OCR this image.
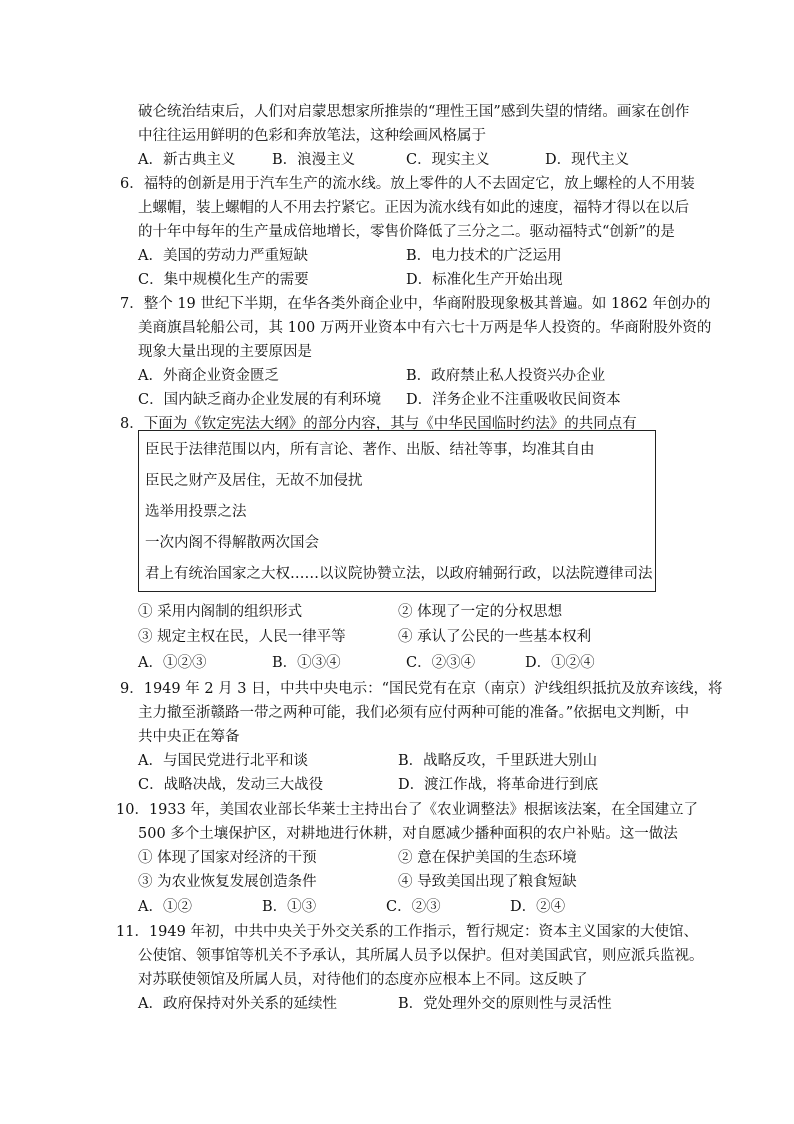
破仑统治结束后，人们对启蒙思想家所推崇的“理性王国”感到失望的情绪。画家在创作
中往往运用鲜明的色彩和奔放笔法，这种绘画风格属于
A．新古典主义	B．浪漫主义	C．现实主义	D．现代主义
6．福特的创新是用于汽车生产的流水线。放上零件的人不去固定它，放上螺栓的人不用装
上螺帽，装上螺帽的人不用去拧紧它。正因为流水线有如此的速度，福特才得以在以后
的十年中每年的生产量成倍地增长，零售价降低了三分之二。驱动福特式“创新”的是
A．美国的劳动力严重短缺	B．电力技术的广泛运用
C．集中规模化生产的需要	D．标准化生产开始出现
7．整个 19 世纪下半期，在华各类外商企业中，华商附股现象极其普遍。如 1862 年创办的
美商旗昌轮船公司，其 100 万两开业资本中有六七十万两是华人投资的。华商附股外资的
现象大量出现的主要原因是
A．外商企业资金匮乏	B．政府禁止私人投资兴办企业
C．国内缺乏商办企业发展的有利环境 D．洋务企业不注重吸收民间资本
8．下面为《钦定宪法大纲》的部分内容，其与《中华民国临时约法》的共同点有
臣民于法律范围以内，所有言论、著作、出版、结社等事，均准其自由
臣民之财产及居住，无故不加侵扰
选举用投票之法
一次内阁不得解散两次国会
君上有统治国家之大权……以议院协赞立法，以政府辅弼行政，以法院遵律司法
① 采用内阁制的组织形式	② 体现了一定的分权思想
③ 规定主权在民，人民一律平等	④ 承认了公民的一些基本权利
A．①②③	B．①③④	C．②③④	D．①②④
9．1949 年 2 月 3 日，中共中央电示：“国民党有在京（南京）沪线组织抵抗及放弃该线，将
主力撤至浙赣路一带之两种可能，我们必须有应付两种可能的准备。”依据电文判断，中
共中央正在筹备
A．与国民党进行北平和谈	B．战略反攻，千里跃进大别山
C．战略决战，发动三大战役	D．渡江作战，将革命进行到底
10．1933 年，美国农业部长华莱士主持出台了《农业调整法》根据该法案，在全国建立了
500 多个土壤保护区，对耕地进行休耕，对自愿减少播种面积的农户补贴。这一做法
① 体现了国家对经济的干预	② 意在保护美国的生态环境
③ 为农业恢复发展创造条件	④ 导致美国出现了粮食短缺
A．①②	B．①③	C．②③	D．②④
11．1949 年初，中共中央关于外交关系的工作指示，暂行规定：资本主义国家的大使馆、
公使馆、领事馆等机关不予承认，其所属人员予以保护。但对美国武官，则应派兵监视。
对苏联使领馆及所属人员，对待他们的态度亦应根本上不同。这反映了
A．政府保持对外关系的延续性	B．党处理外交的原则性与灵活性
